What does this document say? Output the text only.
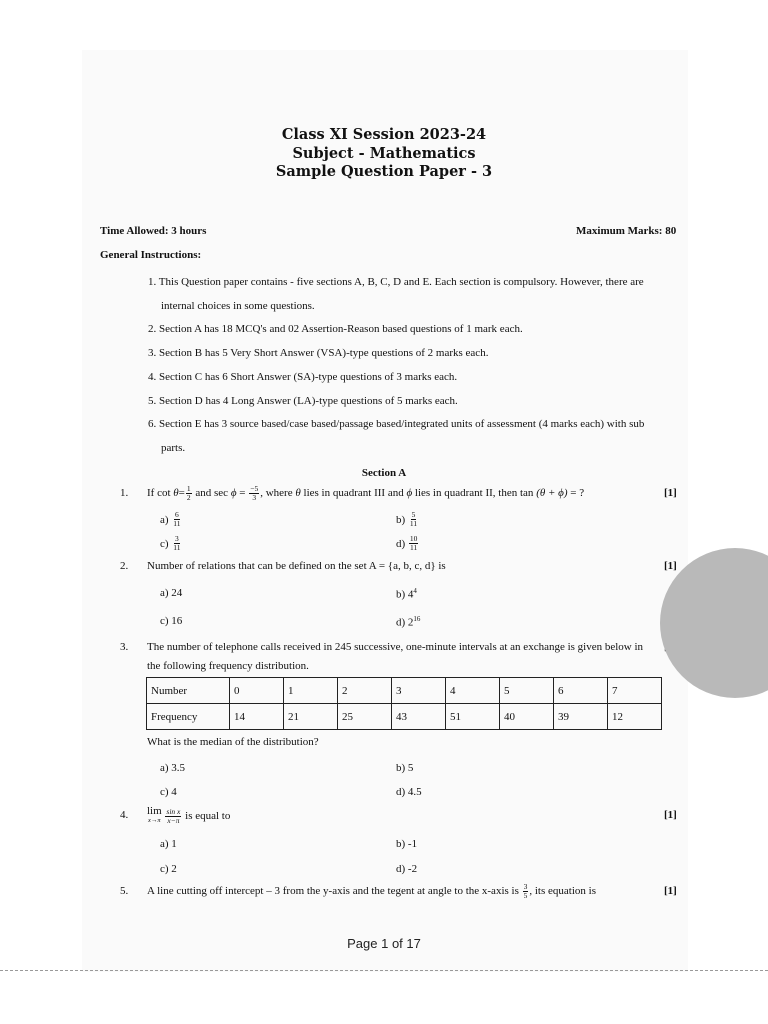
Class XI Session 2023-24
Subject - Mathematics
Sample Question Paper - 3
Time Allowed: 3 hours	Maximum Marks: 80
General Instructions:
1. This Question paper contains - five sections A, B, C, D and E. Each section is compulsory. However, there are
internal choices in some questions.
2. Section A has 18 MCQ's and 02 Assertion-Reason based questions of 1 mark each.
3. Section B has 5 Very Short Answer (VSA)-type questions of 2 marks each.
4. Section C has 6 Short Answer (SA)-type questions of 3 marks each.
5. Section D has 4 Long Answer (LA)-type questions of 5 marks each.
6. Section E has 3 source based/case based/passage based/integrated units of assessment (4 marks each) with sub
parts.
Section A
1. If cot
$\theta = \frac{1}{2}$
and sec
$\phi = \frac{-5}{3}$ , where
θ
lies in quadrant III and
ϕ
lies in quadrant II, then tan
(θ + ϕ)
= ?	[1]
a)
$\frac{6}{11}$	b)
$\frac{5}{11}$
c)
$\frac{3}{11}$	d)
$\frac{10}{11}$
2. Number of relations that can be defined on the set A = {a, b, c, d} is	[1]
a) 24	b) $4^4$
c) 16	d) $2^{16}$
3. The number of telephone calls received in 245 successive, one-minute intervals at an exchange is given below in
the following frequency distribution.
Number	0	1	2	3	4	5	6	7
Frequency	14	21	25	43	51	40	39	12
What is the median of the distribution?
a) 3.5	b) 5
c) 4	d) 4.5
4. lim
x→π
$\frac{\text{sin x}}{x-\pi}$
is equal to	[1]
a) 1	b) -1
c) 2	d) -2
5. A line cutting off intercept – 3 from the y-axis and the tegent at angle to the x-axis is
$\frac{3}{5}$ , its equation is	[1]
Page 1 of 17
